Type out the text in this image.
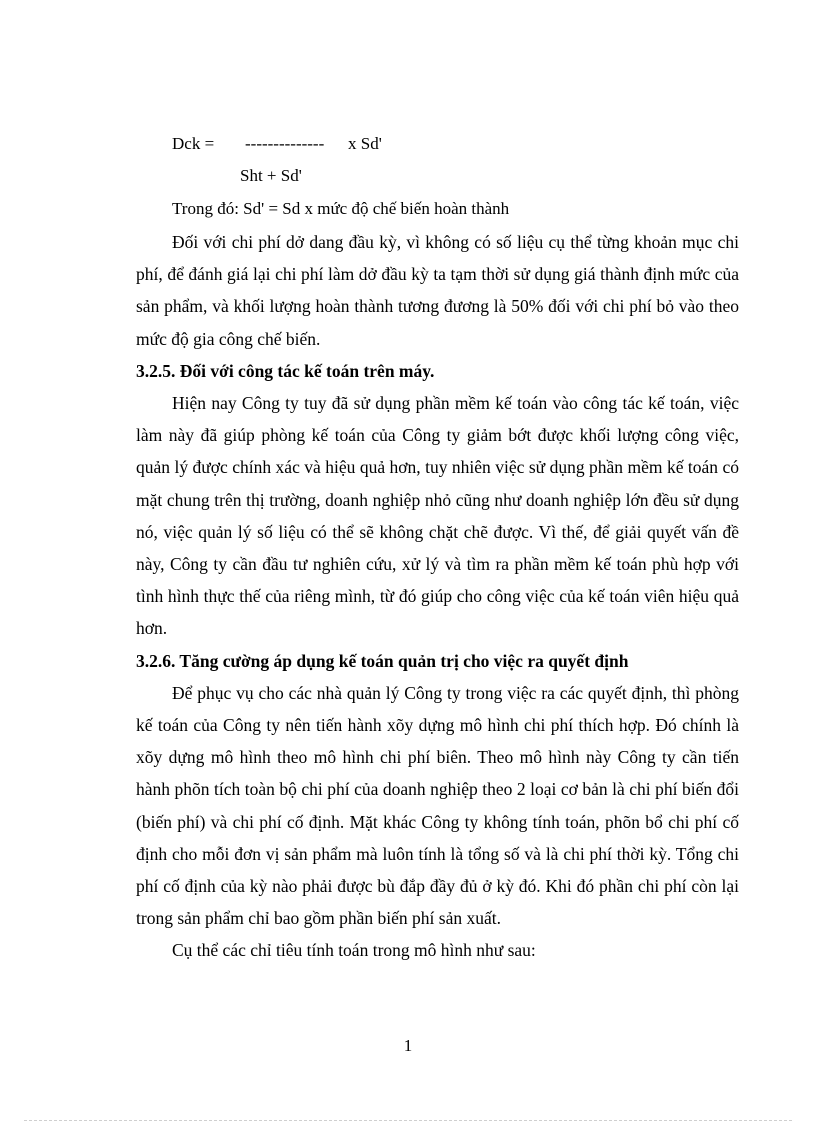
Dck = -------------- x Sd'
Sht + Sd'
Trong đó: Sd' = Sd x mức độ chế biến hoàn thành

Đối với chi phí dở dang đầu kỳ, vì không có số liệu cụ thể từng khoản mục chi phí, để đánh giá lại chi phí làm dở đầu kỳ ta tạm thời sử dụng giá thành định mức của sản phẩm, và khối lượng hoàn thành tương đương là 50% đối với chi phí bỏ vào theo mức độ gia công chế biến.

3.2.5. Đối với công tác kế toán trên máy.

Hiện nay Công ty tuy đã sử dụng phần mềm kế toán vào công tác kế toán, việc làm này đã giúp phòng kế toán của Công ty giảm bớt được khối lượng công việc, quản lý được chính xác và hiệu quả hơn, tuy nhiên việc sử dụng phần mềm kế toán có mặt chung trên thị trường, doanh nghiệp nhỏ cũng như doanh nghiệp lớn đều sử dụng nó, việc quản lý số liệu có thể sẽ không chặt chẽ được. Vì thế, để giải quyết vấn đề này, Công ty cần đầu tư nghiên cứu, xử lý và tìm ra phần mềm kế toán phù hợp với tình hình thực thế của riêng mình, từ đó giúp cho công việc của kế toán viên hiệu quả hơn.

3.2.6. Tăng cường áp dụng kế toán quản trị cho việc ra quyết định

Để phục vụ cho các nhà quản lý Công ty trong việc ra các quyết định, thì phòng kế toán của Công ty nên tiến hành xõy dựng mô hình chi phí thích hợp. Đó chính là xõy dựng mô hình theo mô hình chi phí biên. Theo mô hình này Công ty cần tiến hành phõn tích toàn bộ chi phí của doanh nghiệp theo 2 loại cơ bản là chi phí biến đổi (biến phí) và chi phí cố định. Mặt khác Công ty không tính toán, phõn bổ chi phí cố định cho mỗi đơn vị sản phẩm mà luôn tính là tổng số và là chi phí thời kỳ. Tổng chi phí cố định của kỳ nào phải được bù đắp đầy đủ ở kỳ đó. Khi đó phần chi phí còn lại trong sản phẩm chỉ bao gồm phần biến phí sản xuất.

Cụ thể các chỉ tiêu tính toán trong mô hình như sau:

1
